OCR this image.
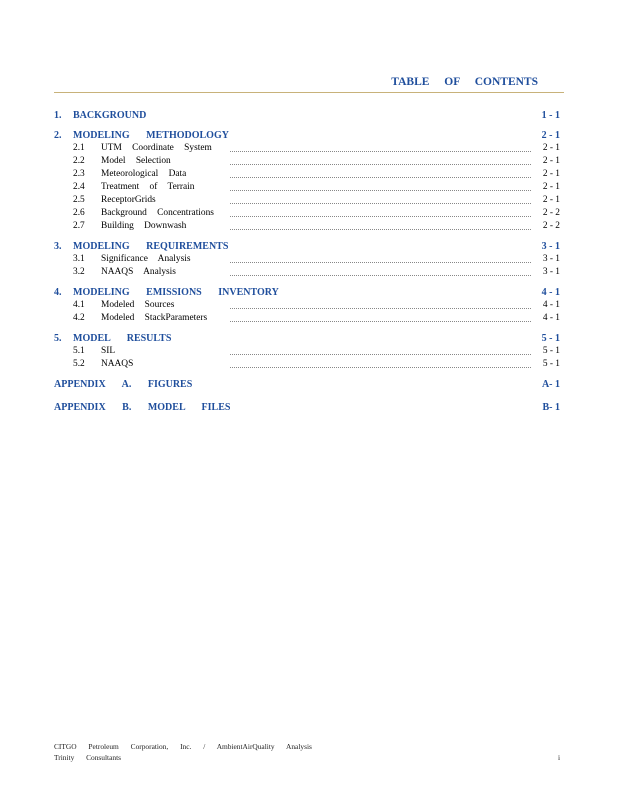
TABLE OF CONTENTS
1. BACKGROUND	1 - 1
2. MODELING METHODOLOGY	2 - 1
2.1 UTM Coordinate System	2 - 1
2.2 Model Selection	2 - 1
2.3 Meteorological Data	2 - 1
2.4 Treatment of Terrain	2 - 1
2.5 ReceptorGrids	2 - 1
2.6 Background Concentrations	2 - 2
2.7 Building Downwash	2 - 2
3. MODELING REQUIREMENTS	3 - 1
3.1 Significance Analysis	3 - 1
3.2 NAAQS Analysis	3 - 1
4. MODELING EMISSIONS INVENTORY	4 - 1
4.1 Modeled Sources	4 - 1
4.2 Modeled StackParameters	4 - 1
5. MODEL RESULTS	5 - 1
5.1 SIL	5 - 1
5.2 NAAQS	5 - 1
APPENDIX A. FIGURES	A- 1
APPENDIX B. MODEL FILES	B- 1
CITGO Petroleum Corporation, Inc. / AmbientAirQuality Analysis
Trinity Consultants	i
